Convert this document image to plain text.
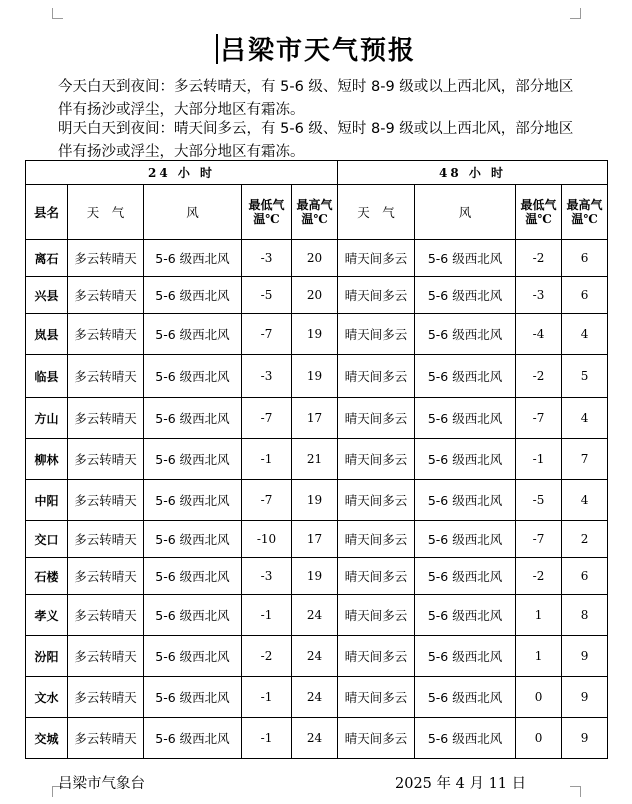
吕梁市天气预报
今天白天到夜间：多云转晴天，有 5-6 级、短时 8-9 级或以上西北风，部分地区
伴有扬沙或浮尘，大部分地区有霜冻。
明天白天到夜间：晴天间多云，有 5-6 级、短时 8-9 级或以上西北风，部分地区
伴有扬沙或浮尘，大部分地区有霜冻。
24 小 时					48 小 时			
县名	天　气	风	最低气温℃	最高气温℃	天　气	风	最低气温℃	最高气温℃
离石	多云转晴天	5-6 级西北风	-3	20	晴天间多云	5-6 级西北风	-2	6
兴县	多云转晴天	5-6 级西北风	-5	20	晴天间多云	5-6 级西北风	-3	6
岚县	多云转晴天	5-6 级西北风	-7	19	晴天间多云	5-6 级西北风	-4	4
临县	多云转晴天	5-6 级西北风	-3	19	晴天间多云	5-6 级西北风	-2	5
方山	多云转晴天	5-6 级西北风	-7	17	晴天间多云	5-6 级西北风	-7	4
柳林	多云转晴天	5-6 级西北风	-1	21	晴天间多云	5-6 级西北风	-1	7
中阳	多云转晴天	5-6 级西北风	-7	19	晴天间多云	5-6 级西北风	-5	4
交口	多云转晴天	5-6 级西北风	-10	17	晴天间多云	5-6 级西北风	-7	2
石楼	多云转晴天	5-6 级西北风	-3	19	晴天间多云	5-6 级西北风	-2	6
孝义	多云转晴天	5-6 级西北风	-1	24	晴天间多云	5-6 级西北风	1	8
汾阳	多云转晴天	5-6 级西北风	-2	24	晴天间多云	5-6 级西北风	1	9
文水	多云转晴天	5-6 级西北风	-1	24	晴天间多云	5-6 级西北风	0	9
交城	多云转晴天	5-6 级西北风	-1	24	晴天间多云	5-6 级西北风	0	9
吕梁市气象台	2025 年 4 月 11 日
